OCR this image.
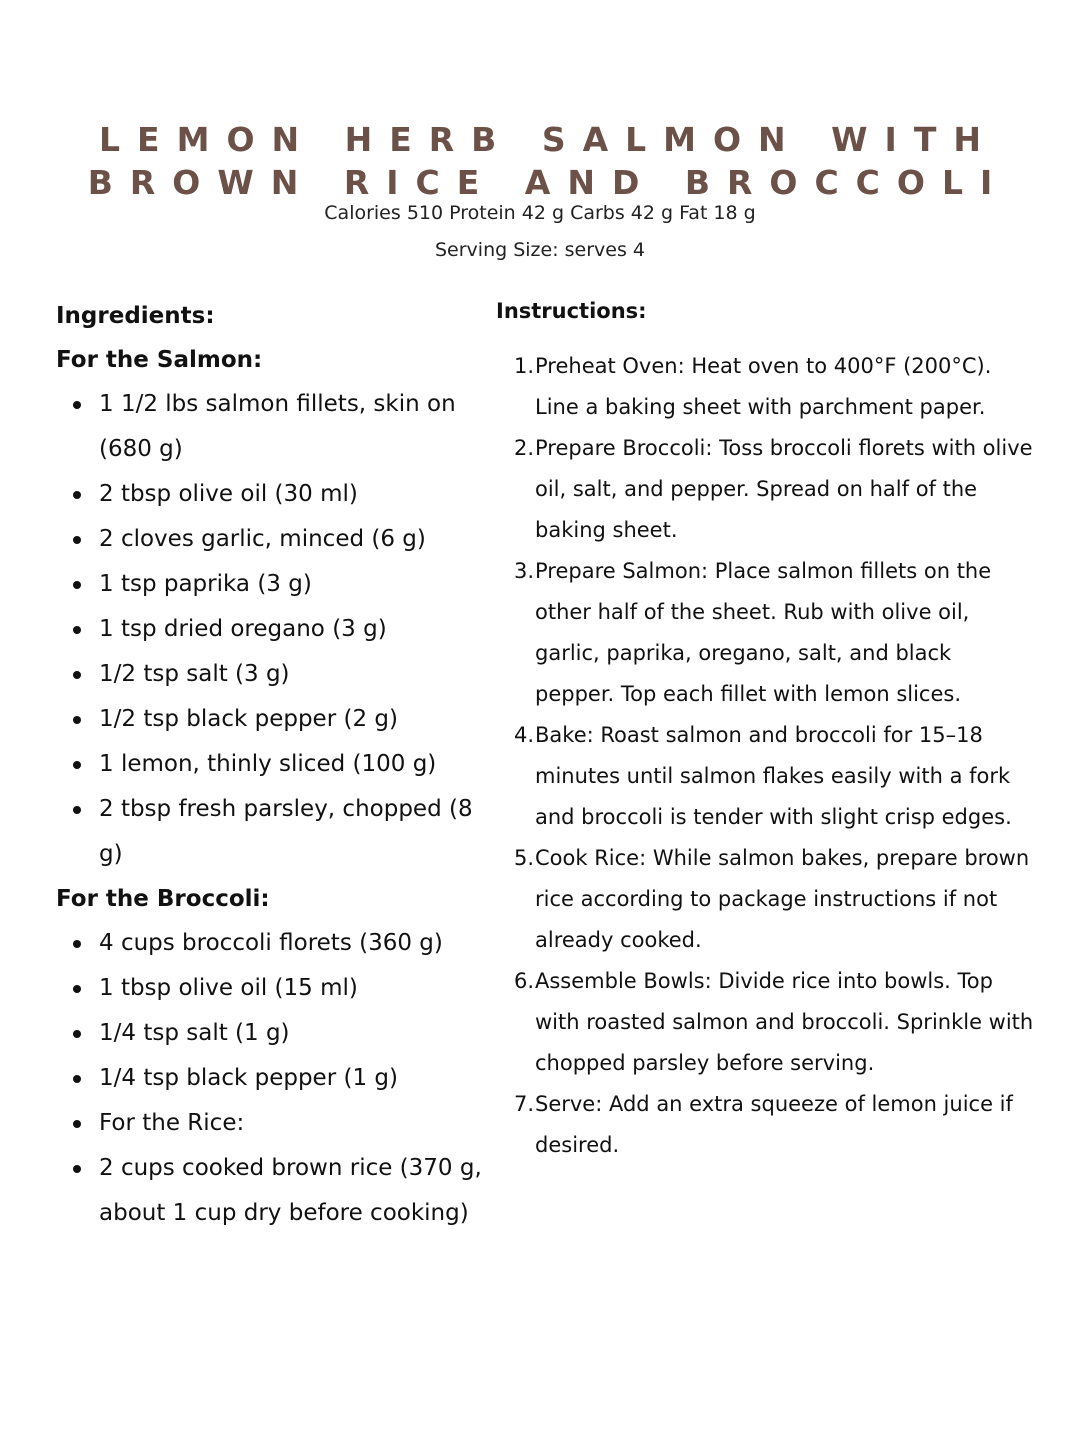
LEMON HERB SALMON WITH
BROWN RICE AND BROCCOLI
Calories 510 Protein 42 g Carbs 42 g Fat 18 g
Serving Size: serves 4
Ingredients:
For the Salmon:
1 1/2 lbs salmon fillets, skin on (680 g)
2 tbsp olive oil (30 ml)
2 cloves garlic, minced (6 g)
1 tsp paprika (3 g)
1 tsp dried oregano (3 g)
1/2 tsp salt (3 g)
1/2 tsp black pepper (2 g)
1 lemon, thinly sliced (100 g)
2 tbsp fresh parsley, chopped (8 g)
For the Broccoli:
4 cups broccoli florets (360 g)
1 tbsp olive oil (15 ml)
1/4 tsp salt (1 g)
1/4 tsp black pepper (1 g)
For the Rice:
2 cups cooked brown rice (370 g, about 1 cup dry before cooking)
Instructions:
1. Preheat Oven: Heat oven to 400°F (200°C). Line a baking sheet with parchment paper.
2. Prepare Broccoli: Toss broccoli florets with olive oil, salt, and pepper. Spread on half of the baking sheet.
3. Prepare Salmon: Place salmon fillets on the other half of the sheet. Rub with olive oil, garlic, paprika, oregano, salt, and black pepper. Top each fillet with lemon slices.
4. Bake: Roast salmon and broccoli for 15–18 minutes until salmon flakes easily with a fork and broccoli is tender with slight crisp edges.
5. Cook Rice: While salmon bakes, prepare brown rice according to package instructions if not already cooked.
6. Assemble Bowls: Divide rice into bowls. Top with roasted salmon and broccoli. Sprinkle with chopped parsley before serving.
7. Serve: Add an extra squeeze of lemon juice if desired.
